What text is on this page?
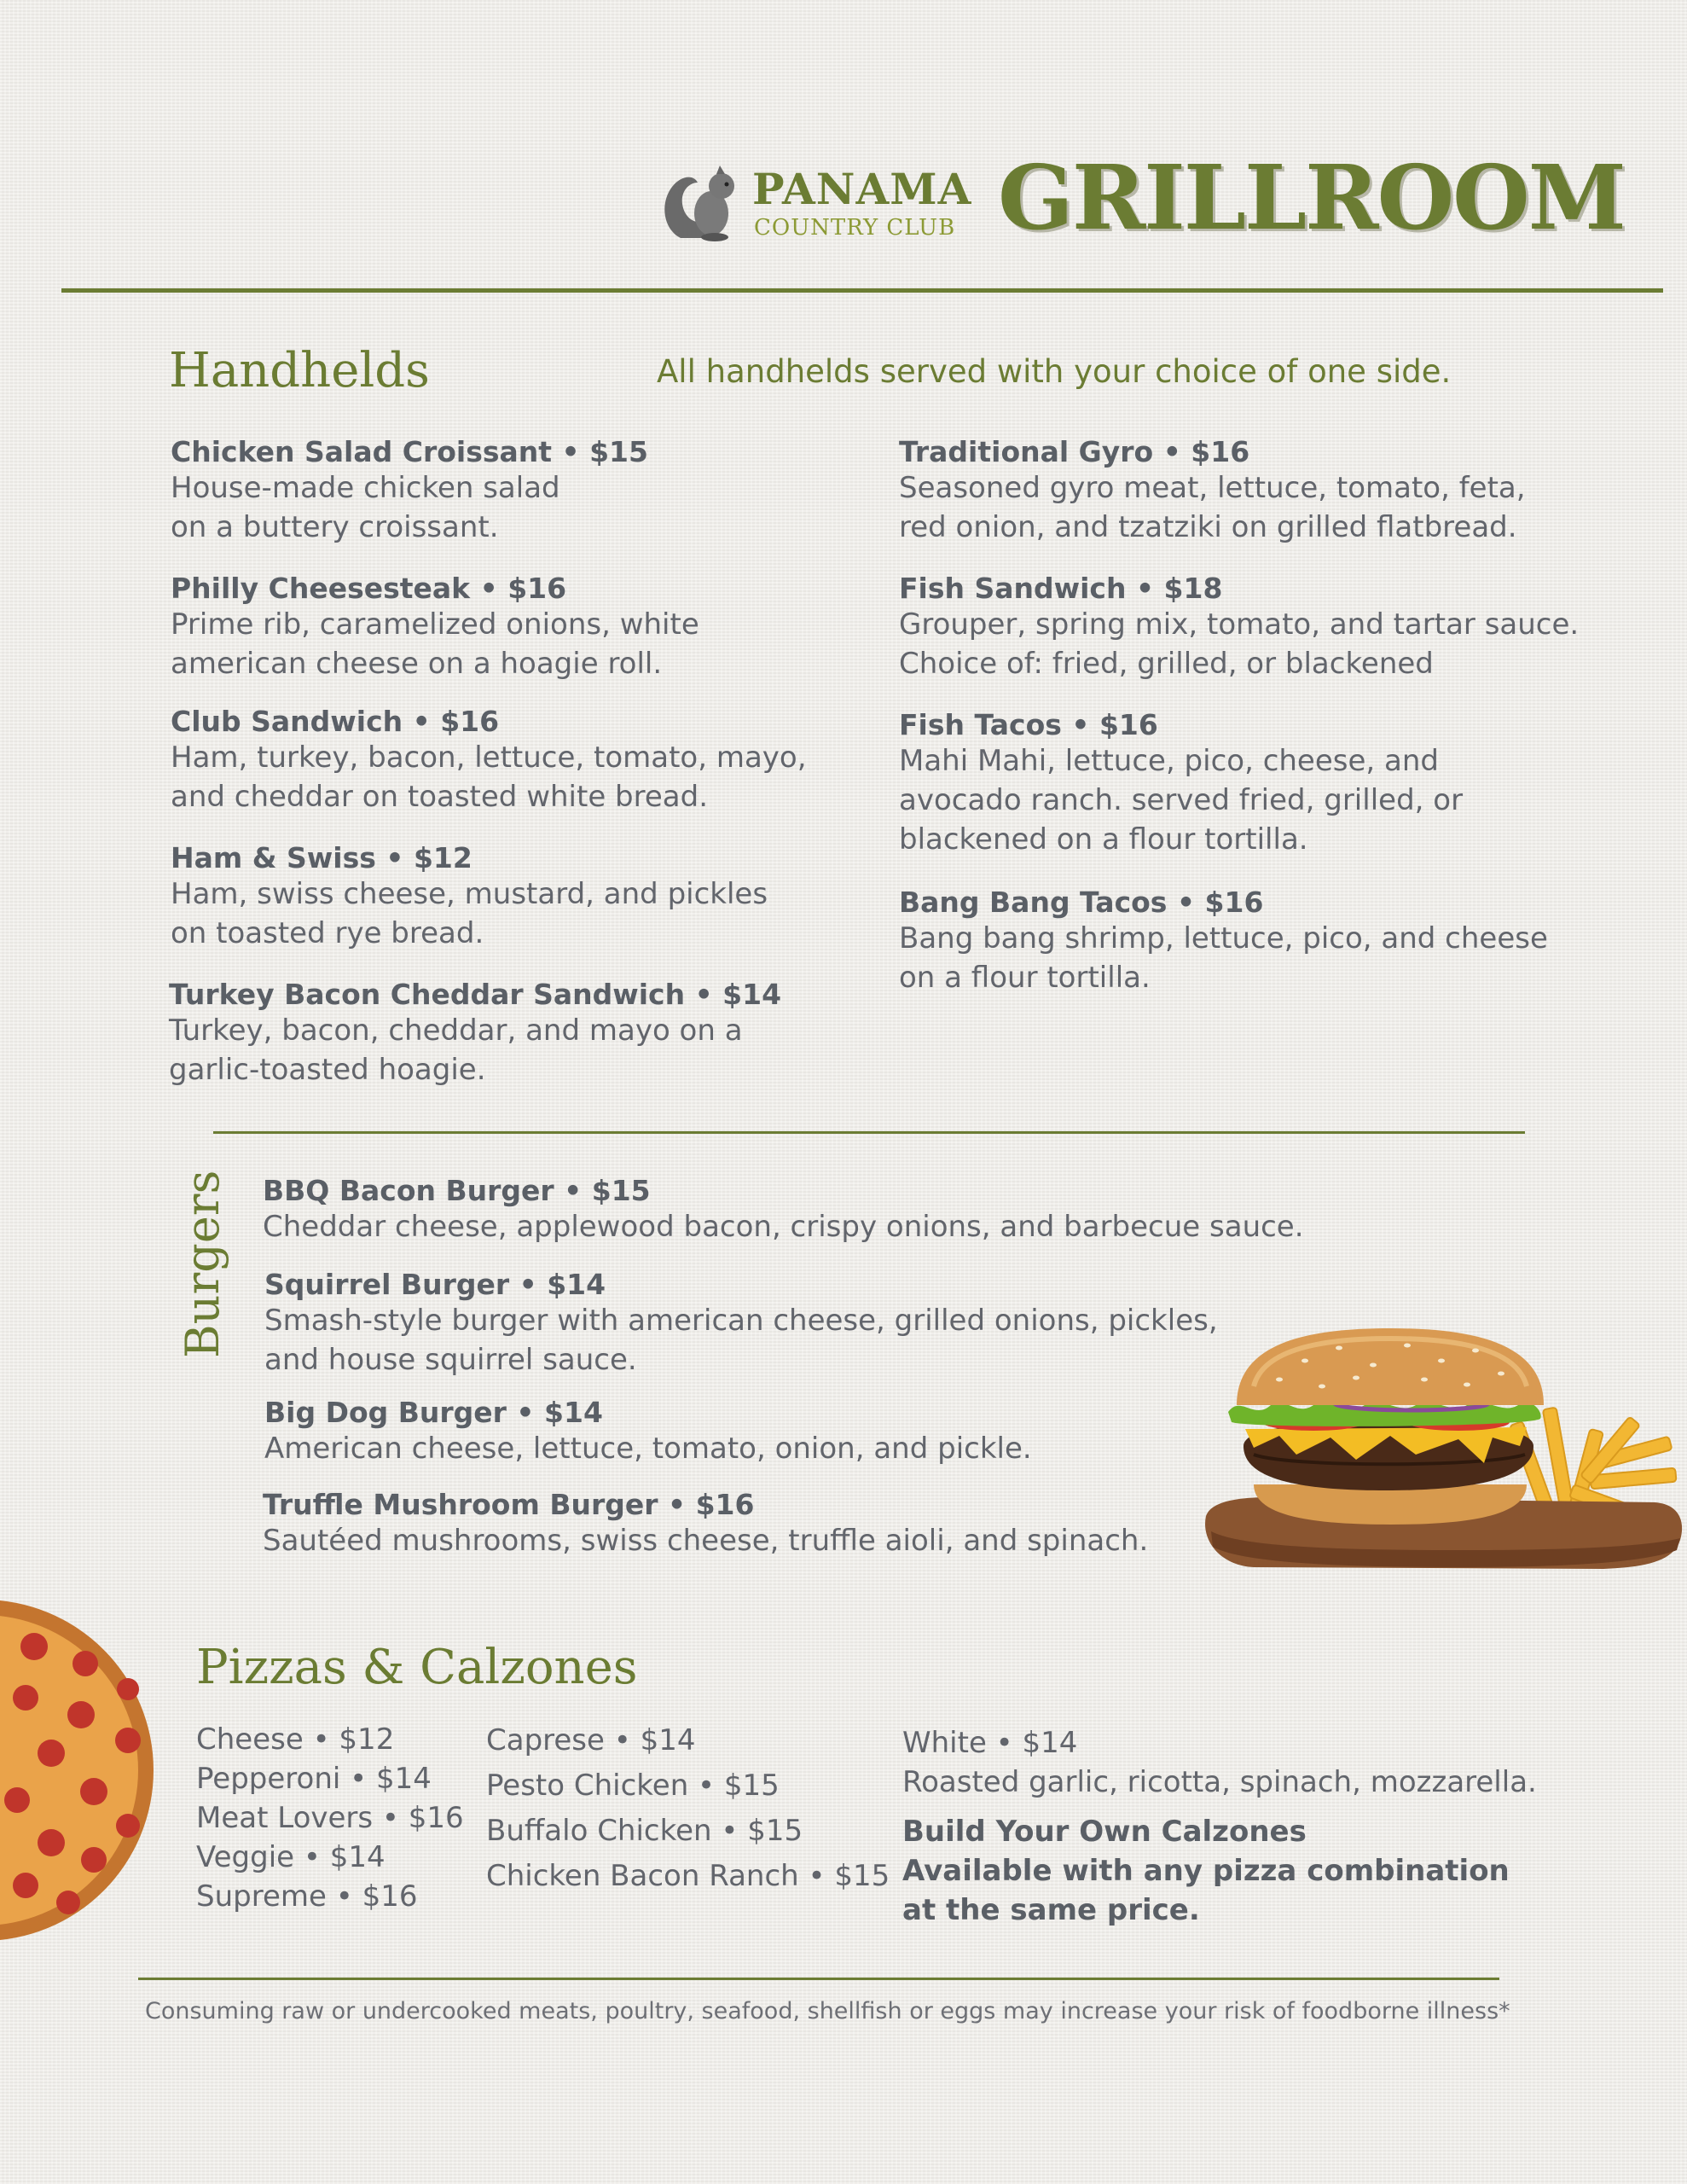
PANAMA
COUNTRY CLUB GRILLROOM
Handhelds	All handhelds served with your choice of one side.
Chicken Salad Croissant • $15
House-made chicken salad
on a buttery croissant.
Philly Cheesesteak • $16
Prime rib, caramelized onions, white
american cheese on a hoagie roll.
Club Sandwich • $16
Ham, turkey, bacon, lettuce, tomato, mayo,
and cheddar on toasted white bread.
Ham & Swiss • $12
Ham, swiss cheese, mustard, and pickles
on toasted rye bread.
Turkey Bacon Cheddar Sandwich • $14
Turkey, bacon, cheddar, and mayo on a
garlic-toasted hoagie.
Traditional Gyro • $16
Seasoned gyro meat, lettuce, tomato, feta,
red onion, and tzatziki on grilled flatbread.
Fish Sandwich • $18
Grouper, spring mix, tomato, and tartar sauce.
Choice of: fried, grilled, or blackened
Fish Tacos • $16
Mahi Mahi, lettuce, pico, cheese, and
avocado ranch. served fried, grilled, or
blackened on a flour tortilla.
Bang Bang Tacos • $16
Bang bang shrimp, lettuce, pico, and cheese
on a flour tortilla.
Burgers BBQ Bacon Burger • $15
Cheddar cheese, applewood bacon, crispy onions, and barbecue sauce.
Squirrel Burger • $14
Smash-style burger with american cheese, grilled onions, pickles,
and house squirrel sauce.
Big Dog Burger • $14
American cheese, lettuce, tomato, onion, and pickle.
Truffle Mushroom Burger • $16
Sautéed mushrooms, swiss cheese, truffle aioli, and spinach.
Pizzas & Calzones
Cheese • $12
Pepperoni • $14
Meat Lovers • $16
Veggie • $14
Supreme • $16
Caprese • $14
Pesto Chicken • $15
Buffalo Chicken • $15
Chicken Bacon Ranch • $15
White • $14
Roasted garlic, ricotta, spinach, mozzarella.
Build Your Own Calzones
Available with any pizza combination
at the same price.
Consuming raw or undercooked meats, poultry, seafood, shellfish or eggs may increase your risk of foodborne illness*
